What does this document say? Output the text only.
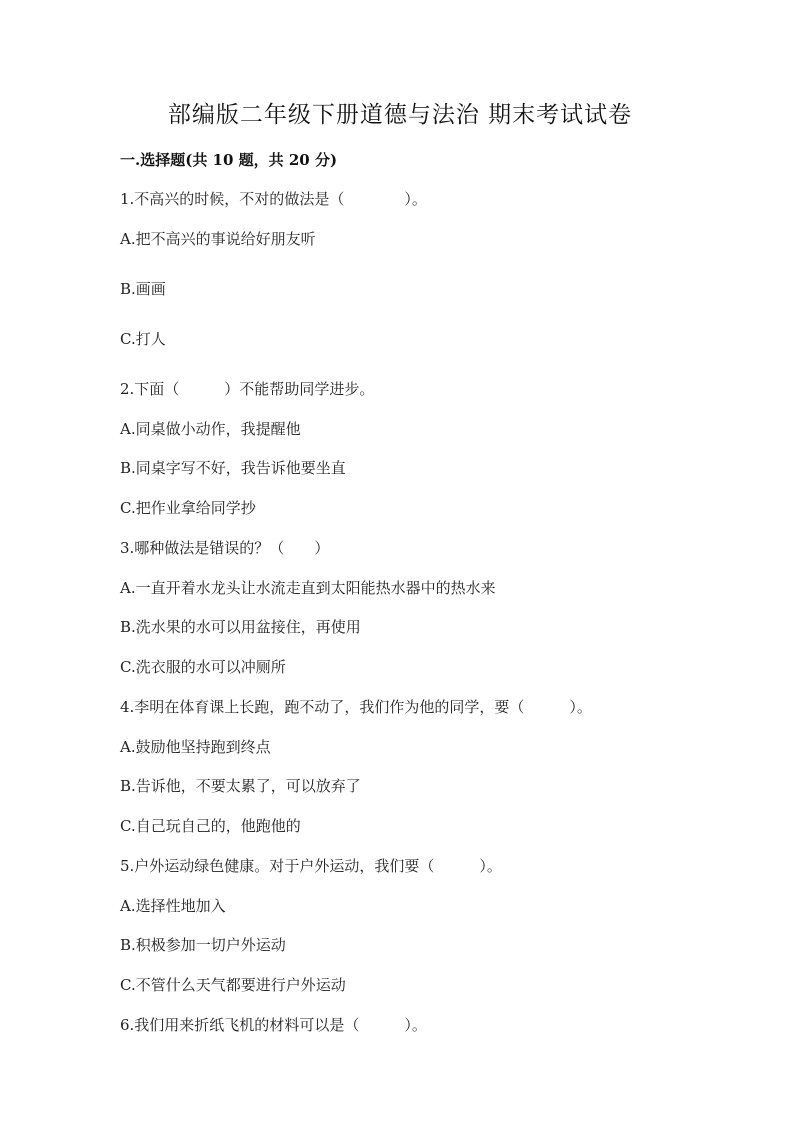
部编版二年级下册道德与法治 期末考试试卷
一.选择题(共 10 题，共 20 分)
1.不高兴的时候，不对的做法是（　　　　）。
A.把不高兴的事说给好朋友听
B.画画
C.打人
2.下面（　　　）不能帮助同学进步。
A.同桌做小动作，我提醒他
B.同桌字写不好，我告诉他要坐直
C.把作业拿给同学抄
3.哪种做法是错误的？（　　）
A.一直开着水龙头让水流走直到太阳能热水器中的热水来
B.洗水果的水可以用盆接住，再使用
C.洗衣服的水可以冲厕所
4.李明在体育课上长跑，跑不动了，我们作为他的同学，要（　　　）。
A.鼓励他坚持跑到终点
B.告诉他，不要太累了，可以放弃了
C.自己玩自己的，他跑他的
5.户外运动绿色健康。对于户外运动，我们要（　　　）。
A.选择性地加入
B.积极参加一切户外运动
C.不管什么天气都要进行户外运动
6.我们用来折纸飞机的材料可以是（　　　）。
